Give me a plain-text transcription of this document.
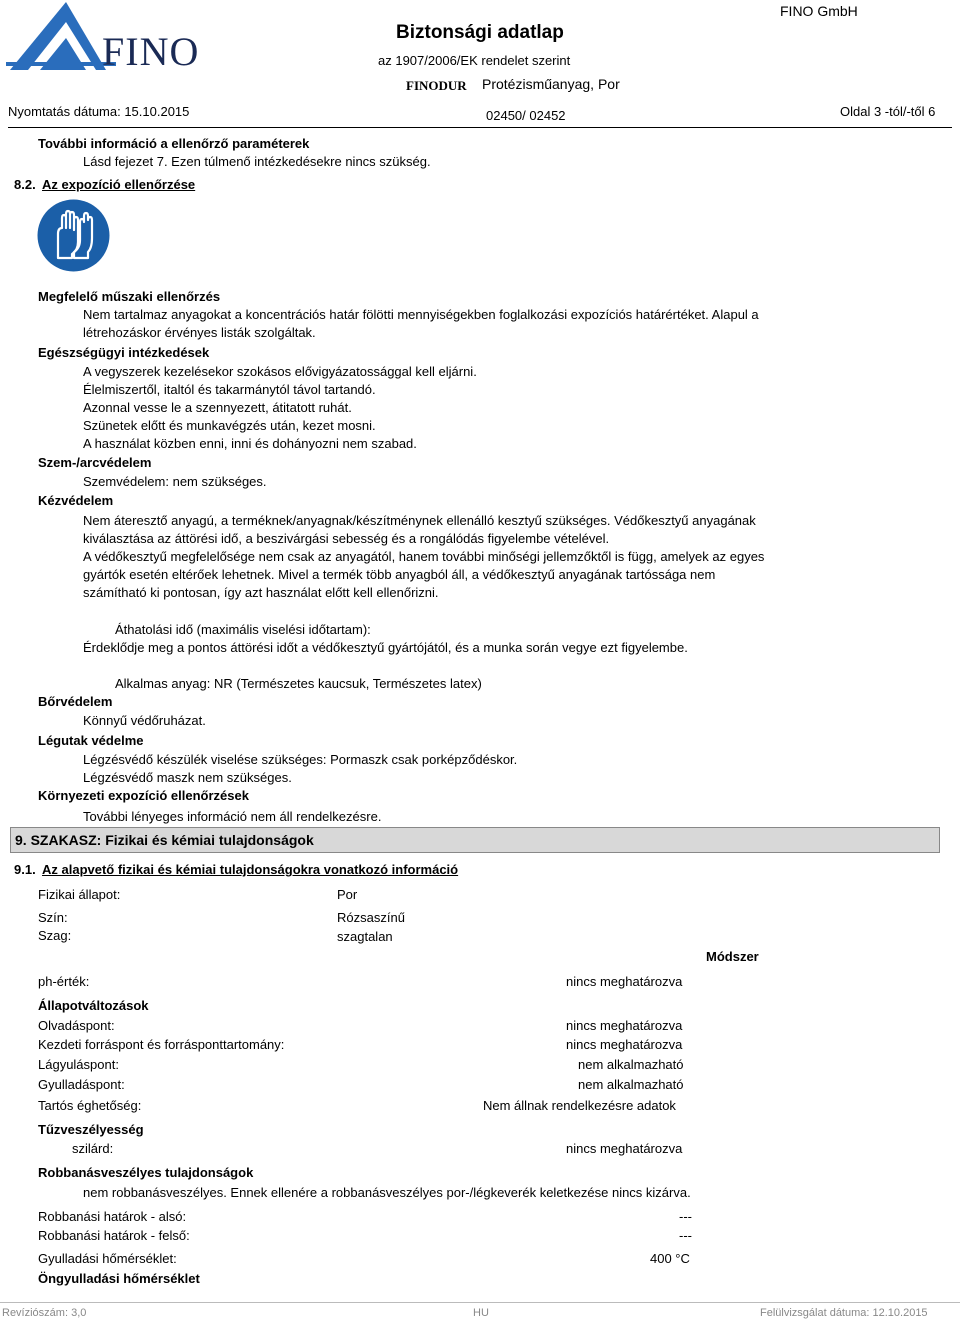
FINO	Biztonsági adatlap
az 1907/2006/EK rendelet szerint
FINO GmbH
FINODUR Protézisműanyag, Por
Nyomtatás dátuma: 15.10.2015	02450/ 02452	Oldal 3 -tól/-től 6
További információ a ellenőrző paraméterek
Lásd fejezet 7. Ezen túlmenő intézkedésekre nincs szükség.
8.2. Az expozíció ellenőrzése
Megfelelő műszaki ellenőrzés
Nem tartalmaz anyagokat a koncentrációs határ fölötti mennyiségekben foglalkozási expozíciós határértéket. Alapul a
létrehozáskor érvényes listák szolgáltak.
Egészségügyi intézkedések
A vegyszerek kezelésekor szokásos elővigyázatossággal kell eljárni.
Élelmiszertől, italtól és takarmánytól távol tartandó.
Azonnal vesse le a szennyezett, átitatott ruhát.
Szünetek előtt és munkavégzés után, kezet mosni.
A használat közben enni, inni és dohányozni nem szabad.
Szem-/arcvédelem
Szemvédelem: nem szükséges.
Kézvédelem
Nem áteresztő anyagú, a terméknek/anyagnak/készítménynek ellenálló kesztyű szükséges. Védőkesztyű anyagának
kiválasztása az áttörési idő, a beszivárgási sebesség és a rongálódás figyelembe vételével.
A védőkesztyű megfelelősége nem csak az anyagától, hanem további minőségi jellemzőktől is függ, amelyek az egyes
gyártók esetén eltérőek lehetnek. Mivel a termék több anyagból áll, a védőkesztyű anyagának tartóssága nem
számítható ki pontosan, így azt használat előtt kell ellenőrizni.
Áthatolási idő (maximális viselési időtartam):
Érdeklődje meg a pontos áttörési időt a védőkesztyű gyártójától, és a munka során vegye ezt figyelembe.
Alkalmas anyag: NR (Természetes kaucsuk, Természetes latex)
Bőrvédelem
Könnyű védőruházat.
Légutak védelme
Légzésvédő készülék viselése szükséges: Pormaszk csak porképződéskor.
Légzésvédő maszk nem szükséges.
Környezeti expozíció ellenőrzések
További lényeges információ nem áll rendelkezésre.
9. SZAKASZ: Fizikai és kémiai tulajdonságok
9.1. Az alapvető fizikai és kémiai tulajdonságokra vonatkozó információ
Fizikai állapot:	Por
Szín:	Rózsaszínű
Szag:	szagtalan
Módszer
ph-érték:	nincs meghatározva
Állapotváltozások
Olvadáspont:	nincs meghatározva
Kezdeti forráspont és forrásponttartomány:	nincs meghatározva
Lágyuláspont:	nem alkalmazható
Gyulladáspont:	nem alkalmazható
Tartós éghetőség:	Nem állnak rendelkezésre adatok
Tűzveszélyesség
szilárd:	nincs meghatározva
Robbanásveszélyes tulajdonságok
nem robbanásveszélyes. Ennek ellenére a robbanásveszélyes por-/légkeverék keletkezése nincs kizárva.
Robbanási határok - alsó:	---
Robbanási határok - felső:	---
Gyulladási hőmérséklet:	400 °C
Öngyulladási hőmérséklet
Revíziószám: 3,0	HU	Felülvizsgálat dátuma: 12.10.2015
